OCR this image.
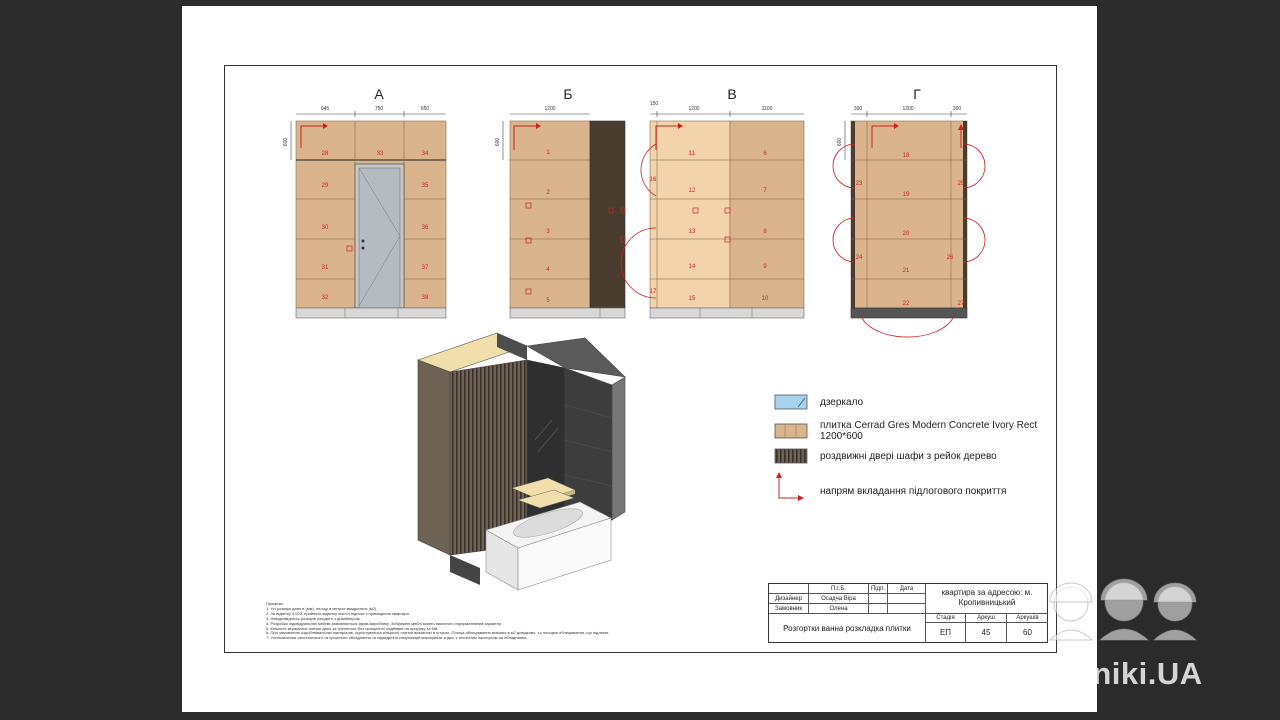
А	Б	В	Г
945	750	650
600
28	33	34
29	35
30	36
31	37
32	38
1200
600
1
2
3
4
5
150
1200	1100
11	6
12	7
13	8
14	9
15	10
16
17
300	1200	300
600
18
23	25
19
20
24	26
21
22	27
дзеркало
плитка Cerrad Gres Modern Concrete Ivory Rect
1200*600
роздвижні двері шафи з рейок дерево
напрям вкладання підлогового покриття
Примітки:
1. Усі розміри дано в (мм), площу в метрах квадратних (м2).
2. За відмітку 0,000, прийнято відмітку чистої підлоги з приміщення квартири.
3. Невідповідність розмірів узгодити з дизайнером.
4. Розробка індивідуальних меблів замовляється фірмі-виробнику. Зображені меблі мають виключно інформативний характер.
5. Кількість керамічної плитки дано за тріплетом, без прощечної надбавки на прирізку та бій.
6. При замовленні оздоблювальних матеріалів, користуватися кількістю плитки вказаною в штуках. Площа облицювання вказана в м2 довідково, т.к площею облицювання, що підлягає.
7. Установлення сантехнічного та кухонного обладнання та підведення комунікацій виконувати згідно з технічним паспортом на обладнання.
П.І.Б.	Підп.	Дата
Дизайнер	Осадча Віра
Замовник	Олена
Розгортки ванна розкладка плитки
квартира за адресою: м.
Кропивницький
Стадія	Аркуш	Аркушів
ЕП	45	60
Rabotniki.UA
